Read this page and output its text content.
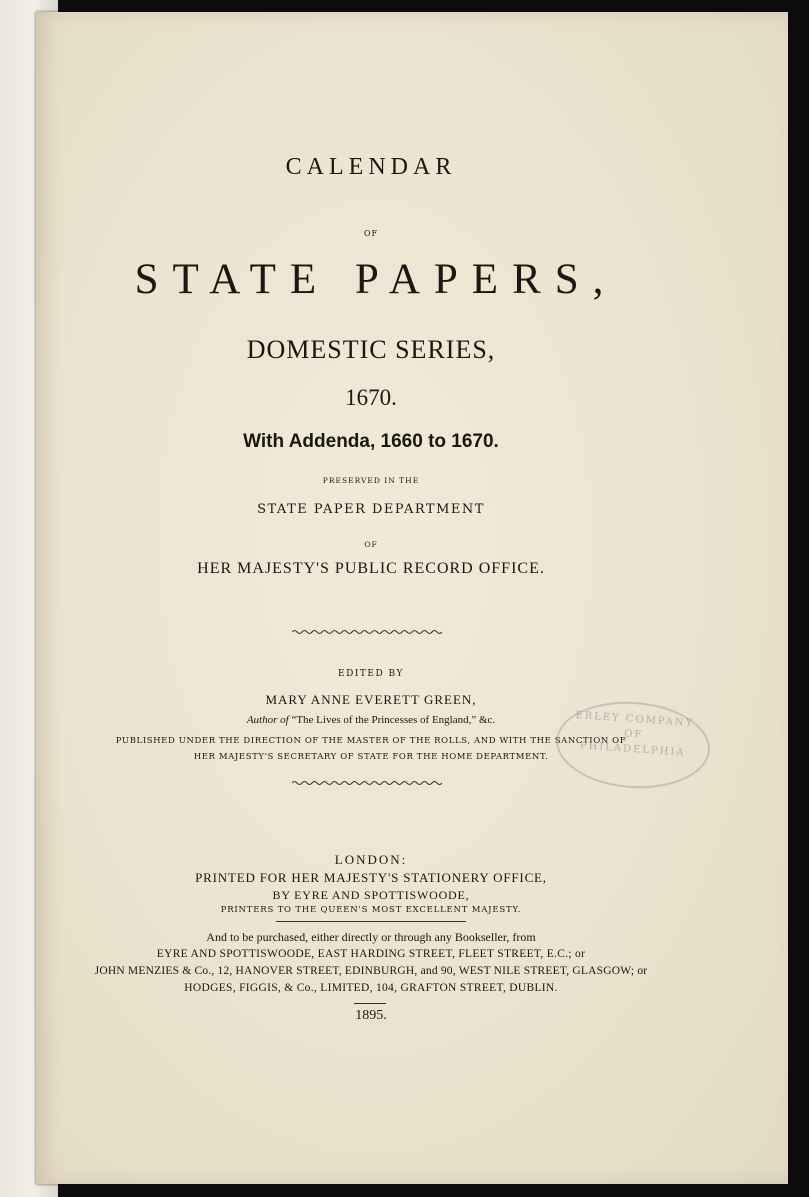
CALENDAR
OF
STATE PAPERS,
DOMESTIC SERIES,
1670.
With Addenda, 1660 to 1670.
PRESERVED IN THE
STATE PAPER DEPARTMENT
OF
HER MAJESTY'S PUBLIC RECORD OFFICE.
EDITED BY
MARY ANNE EVERETT GREEN,
Author of “The Lives of the Princesses of England,” &c.
PUBLISHED UNDER THE DIRECTION OF THE MASTER OF THE ROLLS, AND WITH THE SANCTION OF
HER MAJESTY'S SECRETARY OF STATE FOR THE HOME DEPARTMENT.
ERLEY COMPANY
OF
PHILADELPHIA
LONDON:
PRINTED FOR HER MAJESTY'S STATIONERY OFFICE,
BY EYRE AND SPOTTISWOODE,
PRINTERS TO THE QUEEN'S MOST EXCELLENT MAJESTY.
And to be purchased, either directly or through any Bookseller, from
EYRE AND SPOTTISWOODE, EAST HARDING STREET, FLEET STREET, E.C.; or
JOHN MENZIES & Co., 12, HANOVER STREET, EDINBURGH, and 90, WEST NILE STREET, GLASGOW; or
HODGES, FIGGIS, & Co., LIMITED, 104, GRAFTON STREET, DUBLIN.
1895.
